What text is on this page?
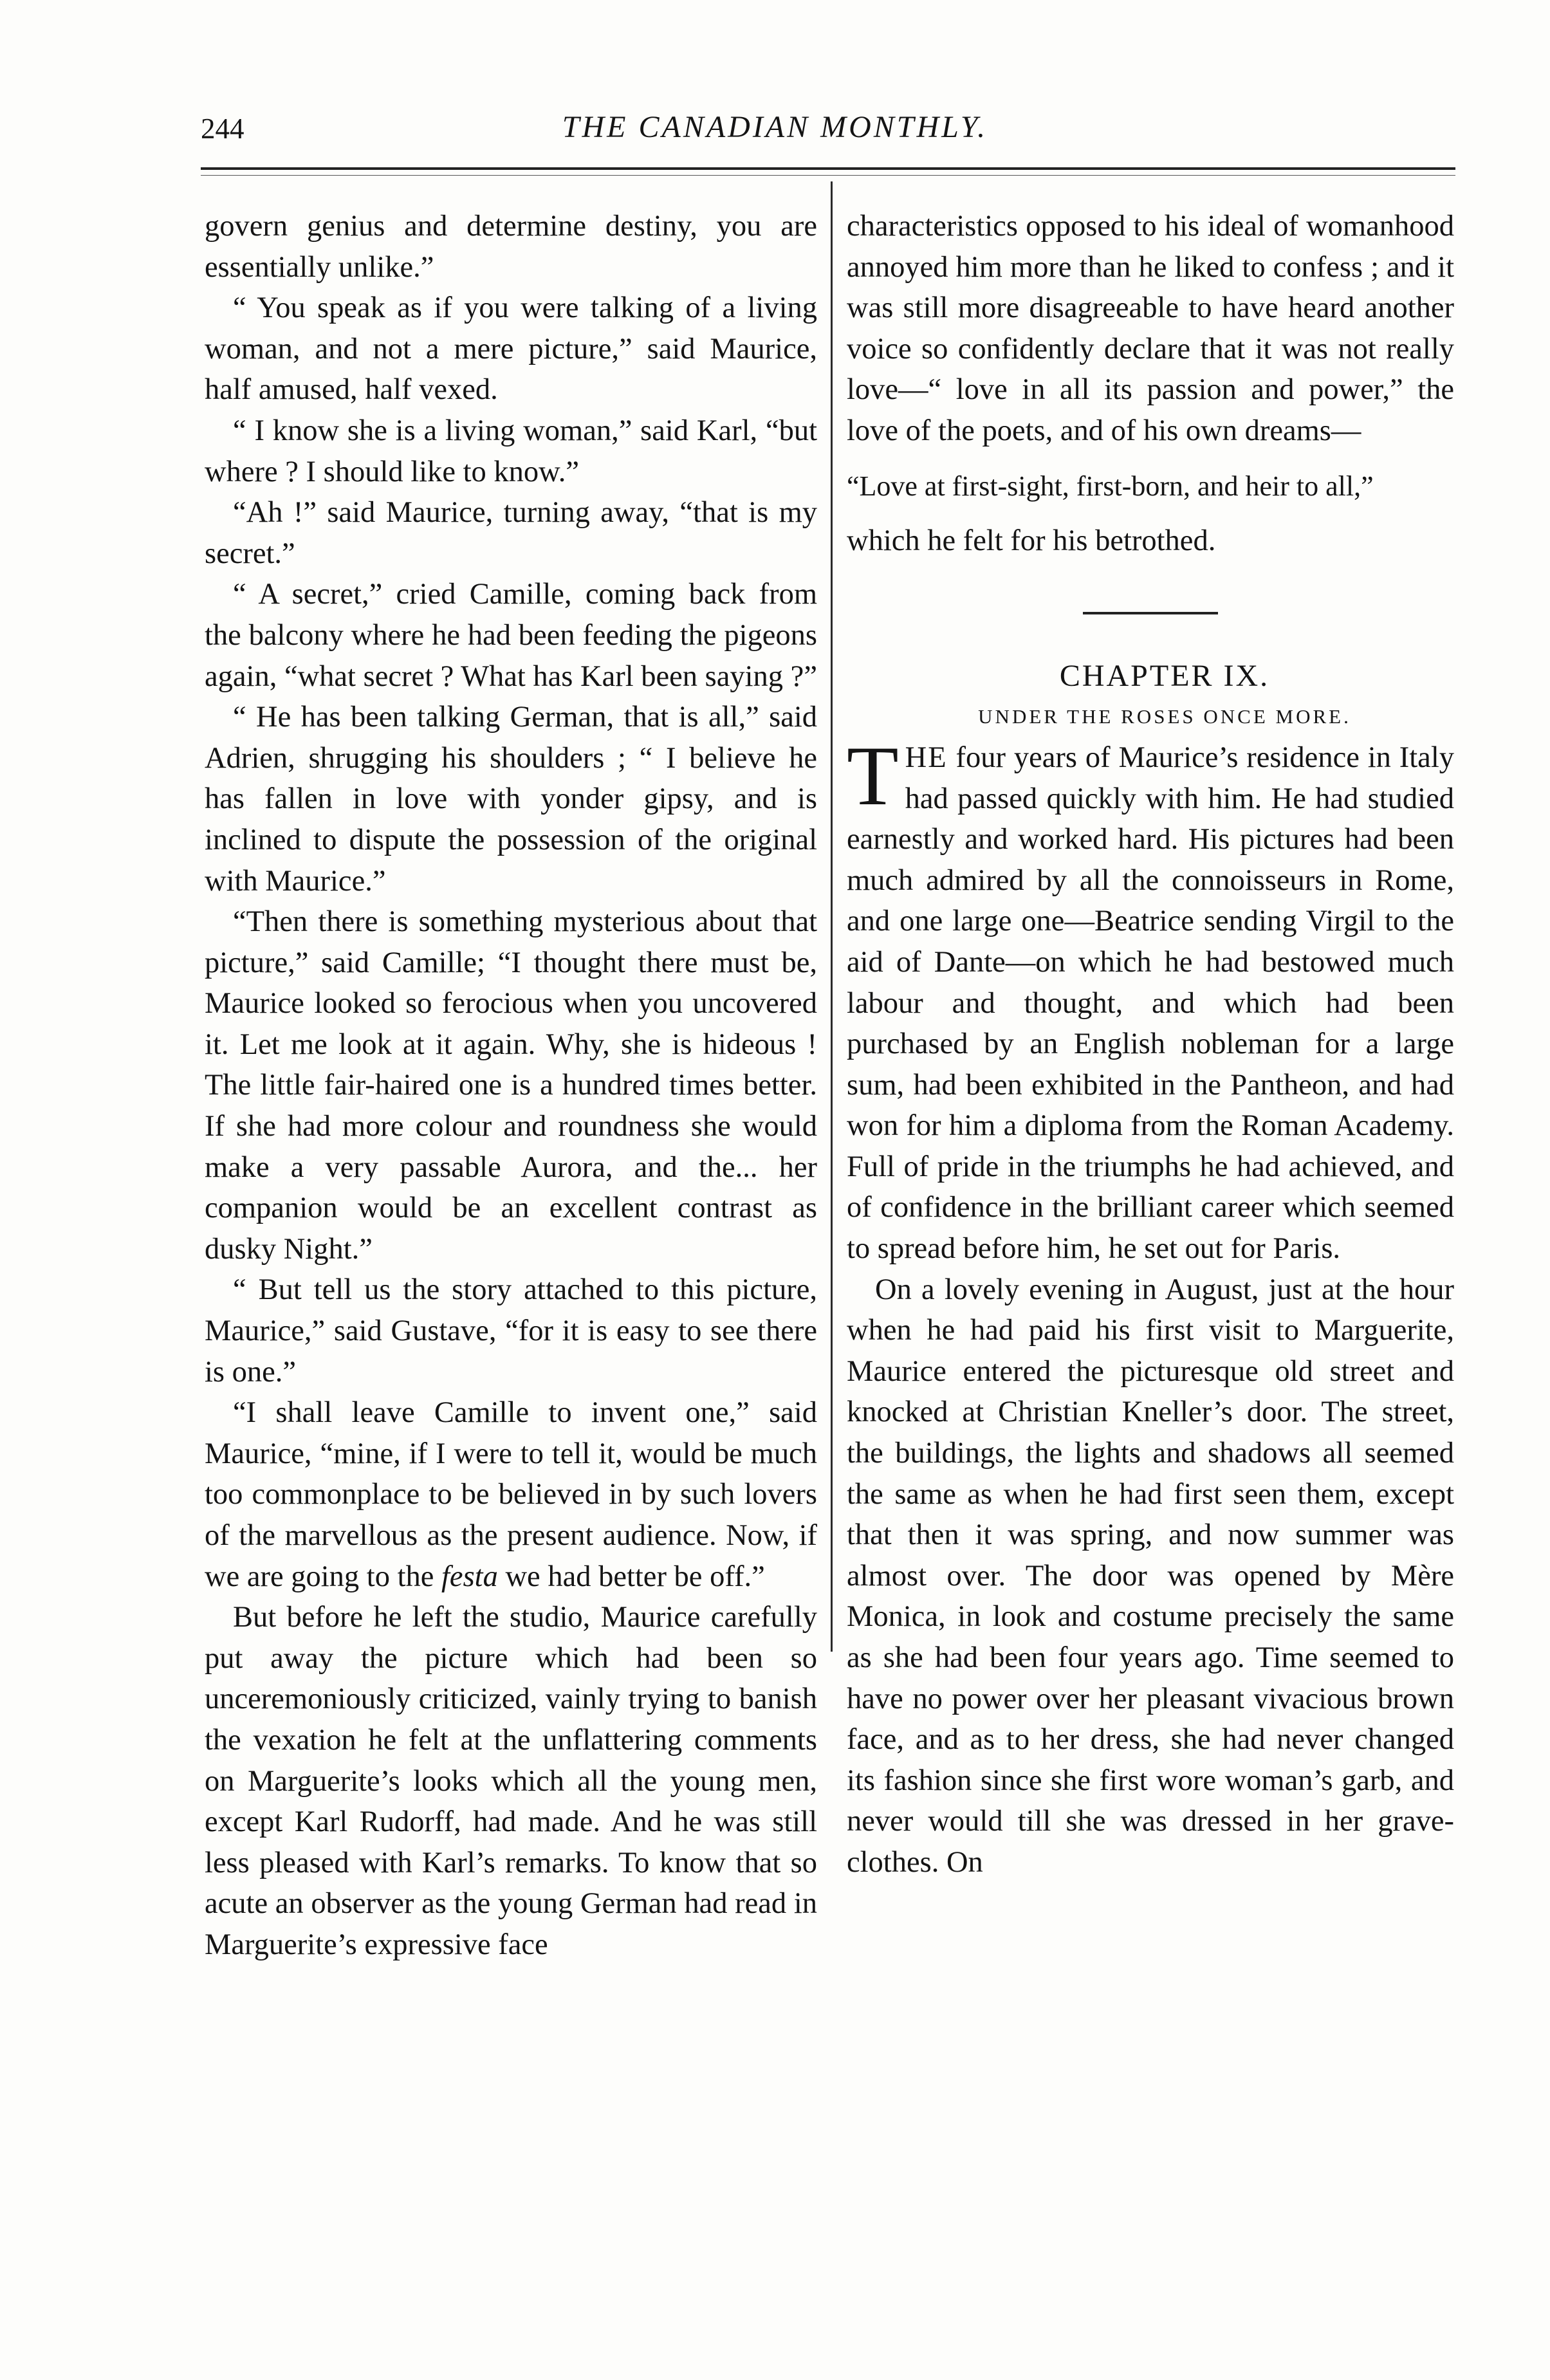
244	THE CANADIAN MONTHLY.

govern genius and determine destiny, you are essentially unlike.”

“ You speak as if you were talking of a living woman, and not a mere picture,” said Maurice, half amused, half vexed.

“ I know she is a living woman,” said Karl, “but where ? I should like to know.”

“Ah !” said Maurice, turning away, “that is my secret.”

“ A secret,” cried Camille, coming back from the balcony where he had been feeding the pigeons again, “what secret ? What has Karl been saying ?”

“ He has been talking German, that is all,” said Adrien, shrugging his shoulders ; “ I believe he has fallen in love with yonder gipsy, and is inclined to dispute the possession of the original with Maurice.”

“Then there is something mysterious about that picture,” said Camille; “I thought there must be, Maurice looked so ferocious when you uncovered it. Let me look at it again. Why, she is hideous ! The little fair-haired one is a hundred times better. If she had more colour and roundness she would make a very passable Aurora, and the... her companion would be an excellent contrast as dusky Night.”

“ But tell us the story attached to this picture, Maurice,” said Gustave, “for it is easy to see there is one.”

“I shall leave Camille to invent one,” said Maurice, “mine, if I were to tell it, would be much too commonplace to be believed in by such lovers of the marvellous as the present audience. Now, if we are going to the festa we had better be off.”

But before he left the studio, Maurice carefully put away the picture which had been so unceremoniously criticized, vainly trying to banish the vexation he felt at the unflattering comments on Marguerite’s looks which all the young men, except Karl Rudorff, had made. And he was still less pleased with Karl’s remarks. To know that so acute an observer as the young German had read in Marguerite’s expressive face

characteristics opposed to his ideal of womanhood annoyed him more than he liked to confess ; and it was still more disagreeable to have heard another voice so confidently declare that it was not really love—“ love in all its passion and power,” the love of the poets, and of his own dreams—

“Love at first-sight, first-born, and heir to all,”

which he felt for his betrothed.

CHAPTER IX.

UNDER THE ROSES ONCE MORE.

THE four years of Maurice’s residence in Italy had passed quickly with him. He had studied earnestly and worked hard. His pictures had been much admired by all the connoisseurs in Rome, and one large one—Beatrice sending Virgil to the aid of Dante—on which he had bestowed much labour and thought, and which had been purchased by an English nobleman for a large sum, had been exhibited in the Pantheon, and had won for him a diploma from the Roman Academy. Full of pride in the triumphs he had achieved, and of confidence in the brilliant career which seemed to spread before him, he set out for Paris.

On a lovely evening in August, just at the hour when he had paid his first visit to Marguerite, Maurice entered the picturesque old street and knocked at Christian Kneller’s door. The street, the buildings, the lights and shadows all seemed the same as when he had first seen them, except that then it was spring, and now summer was almost over. The door was opened by Mère Monica, in look and costume precisely the same as she had been four years ago. Time seemed to have no power over her pleasant vivacious brown face, and as to her dress, she had never changed its fashion since she first wore woman’s garb, and never would till she was dressed in her grave-clothes. On
